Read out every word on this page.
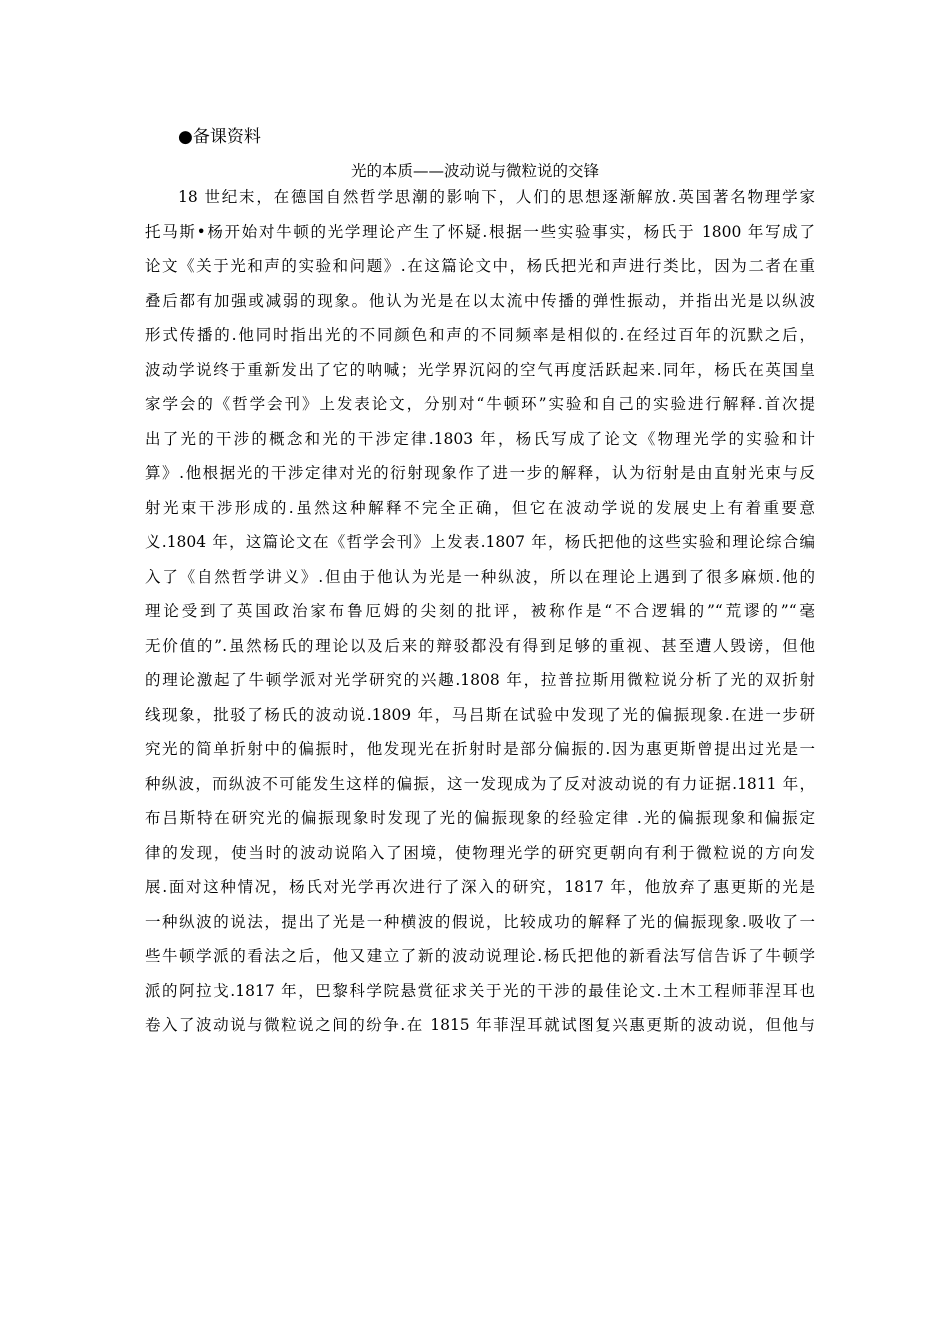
●备课资料
光的本质——波动说与微粒说的交锋
18 世纪末，在德国自然哲学思潮的影响下，人们的思想逐渐解放.英国著名物理学家
托马斯•杨开始对牛顿的光学理论产生了怀疑.根据一些实验事实，杨氏于 1800 年写成了
论文《关于光和声的实验和问题》.在这篇论文中，杨氏把光和声进行类比，因为二者在重
叠后都有加强或减弱的现象。他认为光是在以太流中传播的弹性振动，并指出光是以纵波
形式传播的.他同时指出光的不同颜色和声的不同频率是相似的.在经过百年的沉默之后，
波动学说终于重新发出了它的呐喊；光学界沉闷的空气再度活跃起来.同年，杨氏在英国皇
家学会的《哲学会刊》上发表论文，分别对“牛顿环”实验和自己的实验进行解释.首次提
出了光的干涉的概念和光的干涉定律.1803 年，杨氏写成了论文《物理光学的实验和计
算》.他根据光的干涉定律对光的衍射现象作了进一步的解释，认为衍射是由直射光束与反
射光束干涉形成的.虽然这种解释不完全正确，但它在波动学说的发展史上有着重要意
义.1804 年，这篇论文在《哲学会刊》上发表.1807 年，杨氏把他的这些实验和理论综合编
入了《自然哲学讲义》.但由于他认为光是一种纵波，所以在理论上遇到了很多麻烦.他的
理论受到了英国政治家布鲁厄姆的尖刻的批评，被称作是“不合逻辑的”“荒谬的”“毫
无价值的”.虽然杨氏的理论以及后来的辩驳都没有得到足够的重视、甚至遭人毁谤，但他
的理论激起了牛顿学派对光学研究的兴趣.1808 年，拉普拉斯用微粒说分析了光的双折射
线现象，批驳了杨氏的波动说.1809 年，马吕斯在试验中发现了光的偏振现象.在进一步研
究光的简单折射中的偏振时，他发现光在折射时是部分偏振的.因为惠更斯曾提出过光是一
种纵波，而纵波不可能发生这样的偏振，这一发现成为了反对波动说的有力证据.1811 年，
布吕斯特在研究光的偏振现象时发现了光的偏振现象的经验定律 .光的偏振现象和偏振定
律的发现，使当时的波动说陷入了困境，使物理光学的研究更朝向有利于微粒说的方向发
展.面对这种情况，杨氏对光学再次进行了深入的研究，1817 年，他放弃了惠更斯的光是
一种纵波的说法，提出了光是一种横波的假说，比较成功的解释了光的偏振现象.吸收了一
些牛顿学派的看法之后，他又建立了新的波动说理论.杨氏把他的新看法写信告诉了牛顿学
派的阿拉戈.1817 年，巴黎科学院悬赏征求关于光的干涉的最佳论文.土木工程师菲涅耳也
卷入了波动说与微粒说之间的纷争.在 1815 年菲涅耳就试图复兴惠更斯的波动说，但他与
